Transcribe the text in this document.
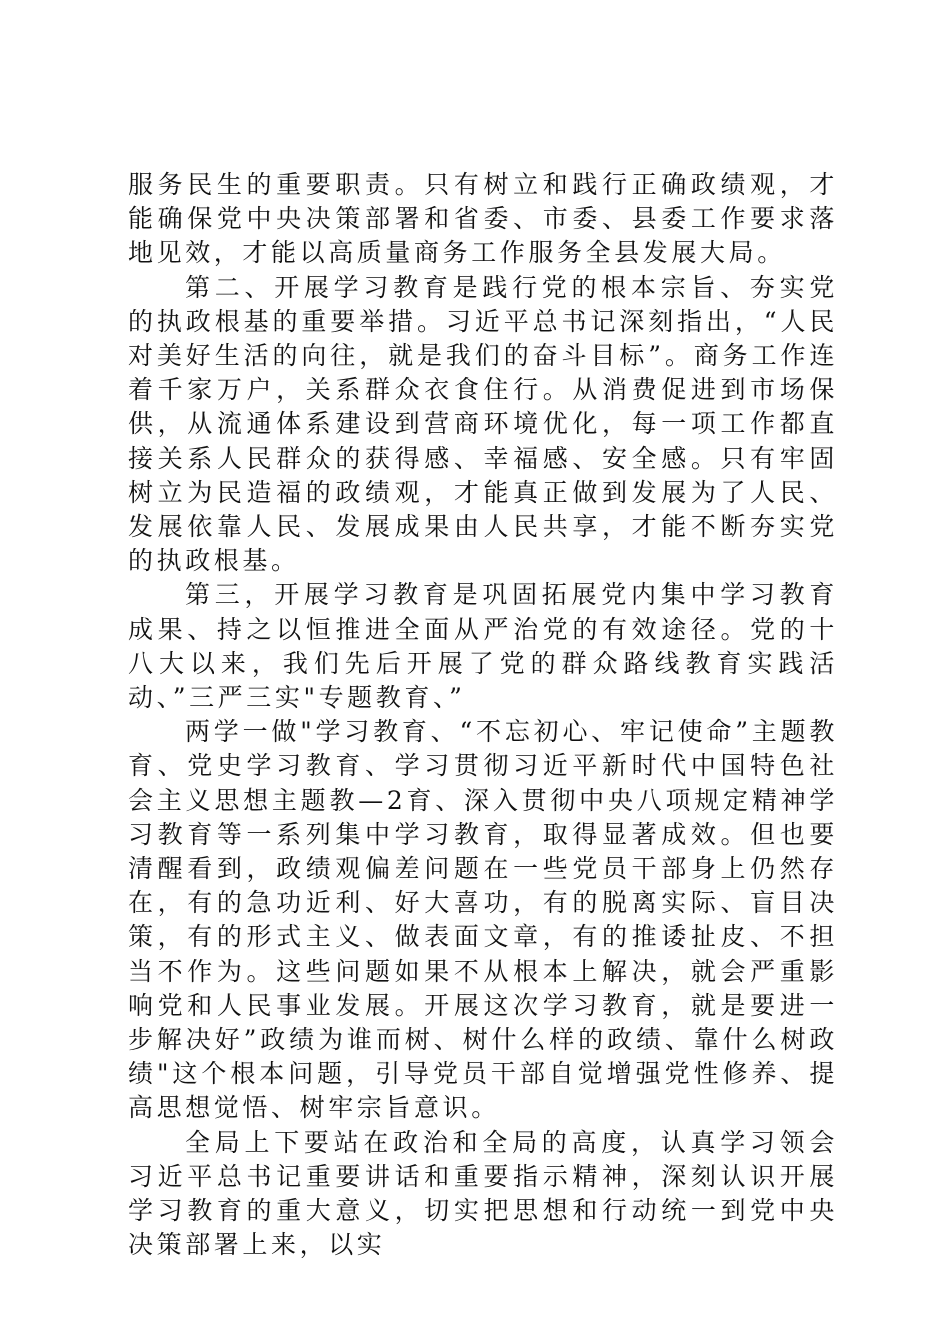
服务民生的重要职责。只有树立和践行正确政绩观，才能确保党中央决策部署和省委、市委、县委工作要求落地见效，才能以高质量商务工作服务全县发展大局。

第二、开展学习教育是践行党的根本宗旨、夯实党的执政根基的重要举措。习近平总书记深刻指出，“人民对美好生活的向往，就是我们的奋斗目标”。商务工作连着千家万户，关系群众衣食住行。从消费促进到市场保供，从流通体系建设到营商环境优化，每一项工作都直接关系人民群众的获得感、幸福感、安全感。只有牢固树立为民造福的政绩观，才能真正做到发展为了人民、发展依靠人民、发展成果由人民共享，才能不断夯实党的执政根基。

第三，开展学习教育是巩固拓展党内集中学习教育成果、持之以恒推进全面从严治党的有效途径。党的十八大以来，我们先后开展了党的群众路线教育实践活动、”三严三实"专题教育、”

两学一做"学习教育、“不忘初心、牢记使命”主题教育、党史学习教育、学习贯彻习近平新时代中国特色社会主义思想主题教—2育、深入贯彻中央八项规定精神学习教育等一系列集中学习教育，取得显著成效。但也要清醒看到，政绩观偏差问题在一些党员干部身上仍然存在，有的急功近利、好大喜功，有的脱离实际、盲目决策，有的形式主义、做表面文章，有的推诿扯皮、不担当不作为。这些问题如果不从根本上解决，就会严重影响党和人民事业发展。开展这次学习教育，就是要进一步解决好”政绩为谁而树、树什么样的政绩、靠什么树政绩"这个根本问题，引导党员干部自觉增强党性修养、提高思想觉悟、树牢宗旨意识。

全局上下要站在政治和全局的高度，认真学习领会习近平总书记重要讲话和重要指示精神，深刻认识开展学习教育的重大意义，切实把思想和行动统一到党中央决策部署上来，以实
